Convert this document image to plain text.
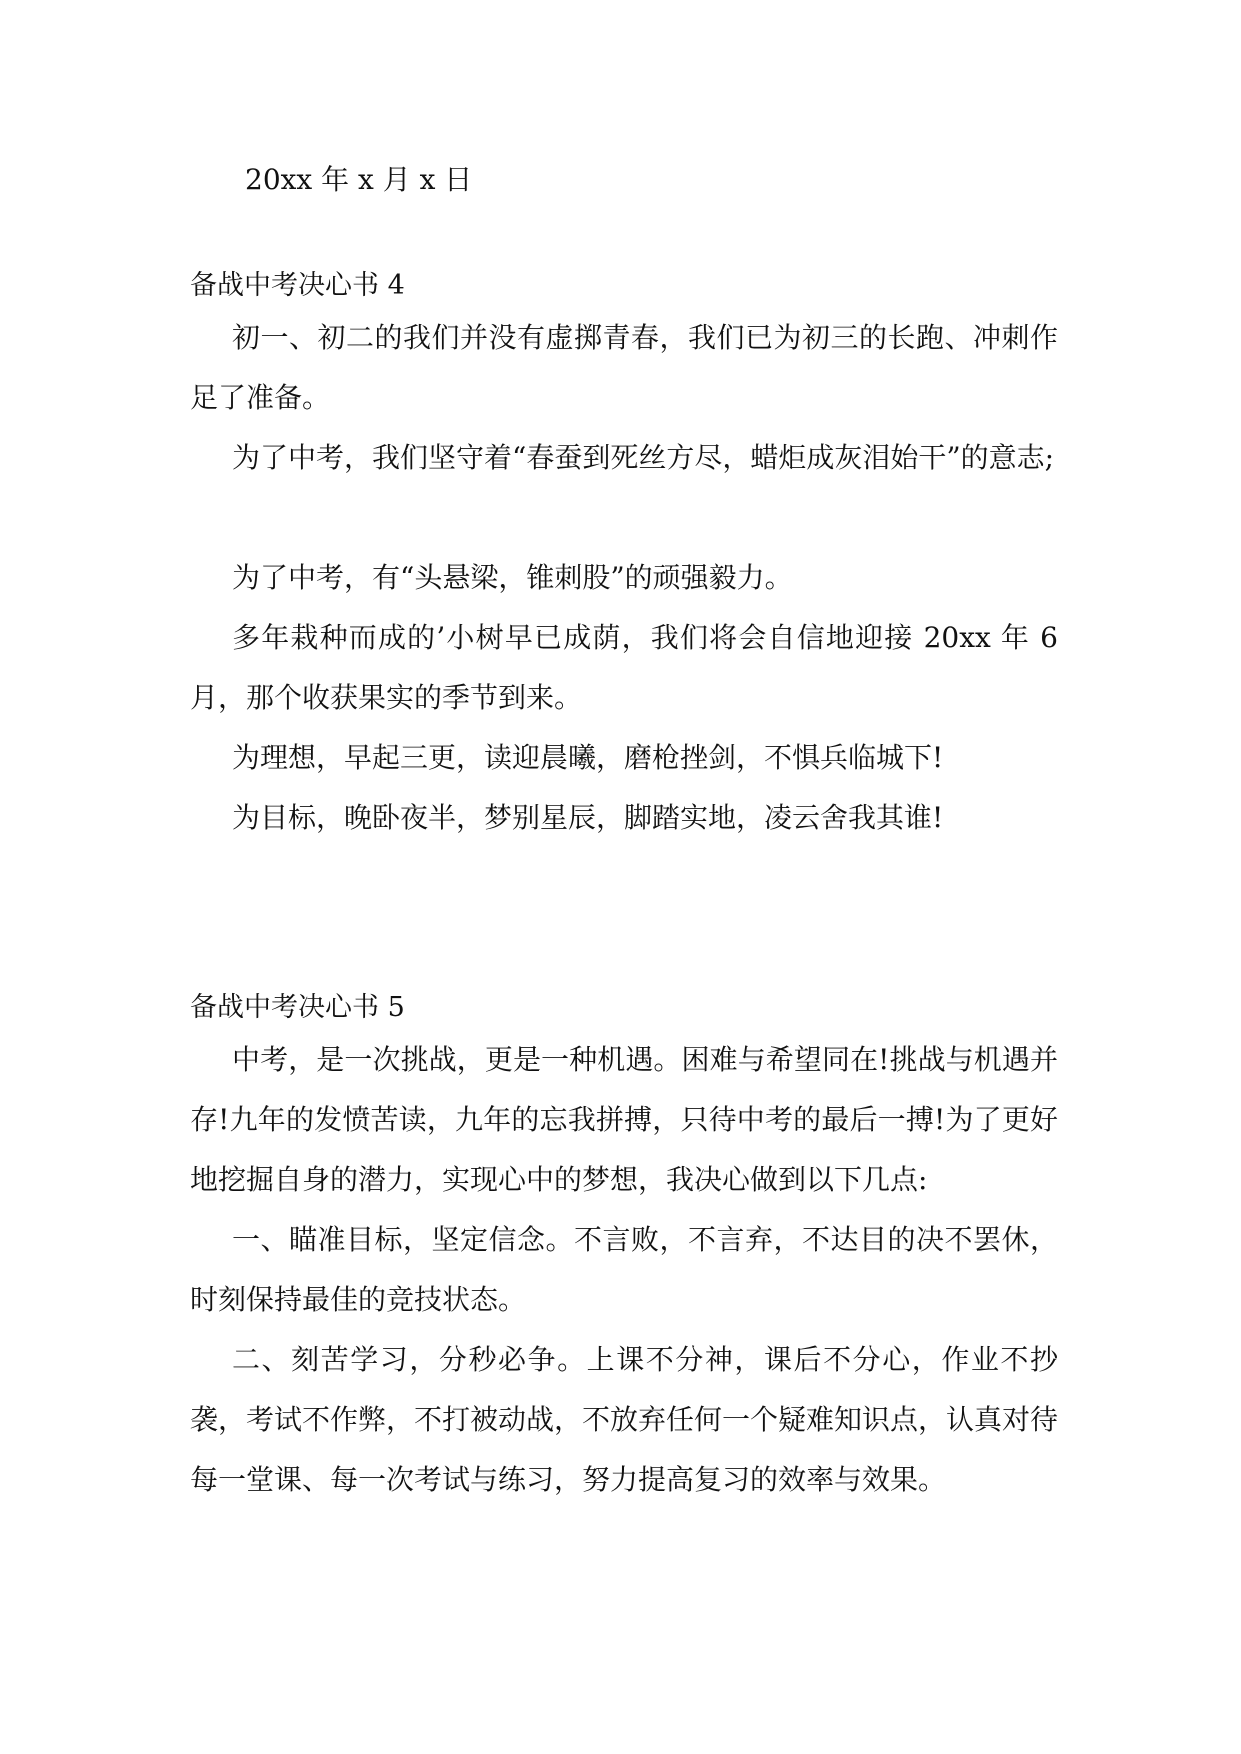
20xx 年 x 月 x 日
备战中考决心书 4

初一、初二的我们并没有虚掷青春，我们已为初三的长跑、冲刺作足了准备。

为了中考，我们坚守着“春蚕到死丝方尽，蜡炬成灰泪始干”的意志;

为了中考，有“头悬梁，锥刺股”的顽强毅力。

多年栽种而成的’小树早已成荫，我们将会自信地迎接 20xx 年 6 月，那个收获果实的季节到来。

为理想，早起三更，读迎晨曦，磨枪挫剑，不惧兵临城下!

为目标，晚卧夜半，梦别星辰，脚踏实地，凌云舍我其谁!

备战中考决心书 5

中考，是一次挑战，更是一种机遇。困难与希望同在!挑战与机遇并存!九年的发愤苦读，九年的忘我拼搏，只待中考的最后一搏!为了更好地挖掘自身的潜力，实现心中的梦想，我决心做到以下几点:

一、瞄准目标，坚定信念。不言败，不言弃，不达目的决不罢休，时刻保持最佳的竞技状态。

二、刻苦学习，分秒必争。上课不分神，课后不分心，作业不抄袭，考试不作弊，不打被动战，不放弃任何一个疑难知识点，认真对待每一堂课、每一次考试与练习，努力提高复习的效率与效果。
